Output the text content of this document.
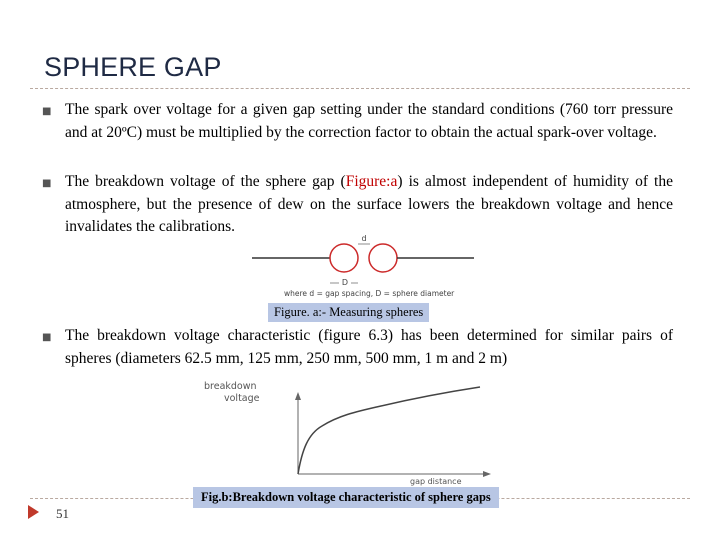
SPHERE GAP
■ The spark over voltage for a given gap setting under the standard conditions (760 torr pressure and at 20ºC) must be multiplied by the correction factor to obtain the actual spark-over voltage.
■ The breakdown voltage of the sphere gap (Figure:a) is almost independent of humidity of the atmosphere, but the presence of dew on the surface lowers the breakdown voltage and hence invalidates the calibrations.
d
D
where d = gap spacing, D = sphere diameter
Figure. a:- Measuring spheres
■ The breakdown voltage characteristic (figure 6.3) has been determined for similar pairs of spheres (diameters 62.5 mm, 125 mm, 250 mm, 500 mm, 1 m and 2 m)
breakdown
voltage
gap distance
Fig.b:Breakdown voltage characteristic of sphere gaps
51
